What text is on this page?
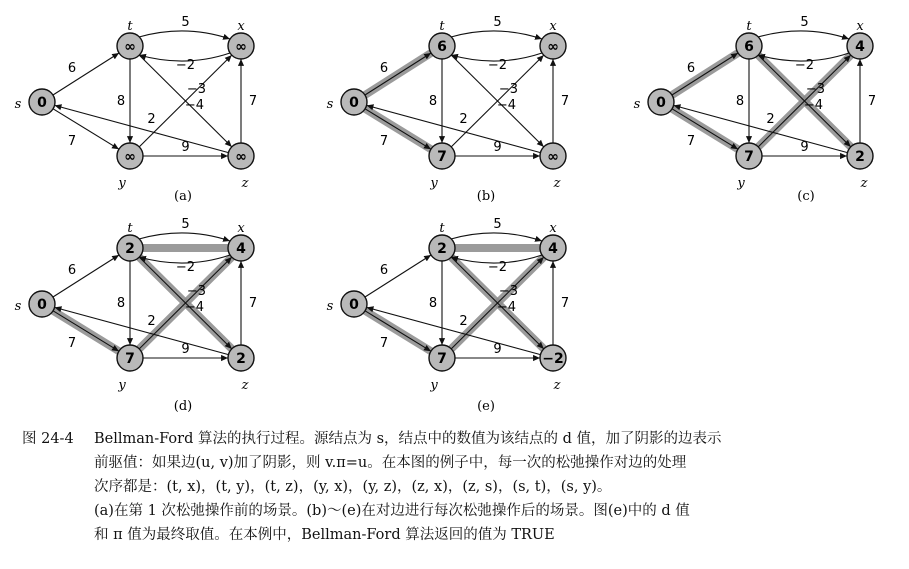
6
7
5
−2
8	−4
−3
9
7
2
0
s
∞
t
∞
x
∞
y
∞
z
(a)
6
7
5
−2
8	−4
−3
9
7
2
0
s
6
t
∞
x
7
y
∞
z
(b)
6
7
5
−2
8	−4
−3
9
7
2
0
s
6
t
4
x
7
y
2
z
(c)
6
7
5
−2
8	−4
−3
9
7
2
0
s
2
t
4
x
7
y
2
z
(d)
6
7
5
−2
8	−4
−3
9
7
2
0
s
2
t
4
x
7
y
−2
z
(e)
图 24-4 Bellman-Ford 算法的执行过程。源结点为 s，结点中的数值为该结点的 d 值，加了阴影的边表示
前驱值：如果边(u, v)加了阴影，则 v.π=u。在本图的例子中，每一次的松弛操作对边的处理
次序都是：(t, x)，(t, y)，(t, z)，(y, x)，(y, z)，(z, x)，(z, s)，(s, t)，(s, y)。
(a)在第 1 次松弛操作前的场景。(b)～(e)在对边进行每次松弛操作后的场景。图(e)中的 d 值
和 π 值为最终取值。在本例中，Bellman-Ford 算法返回的值为 TRUE
